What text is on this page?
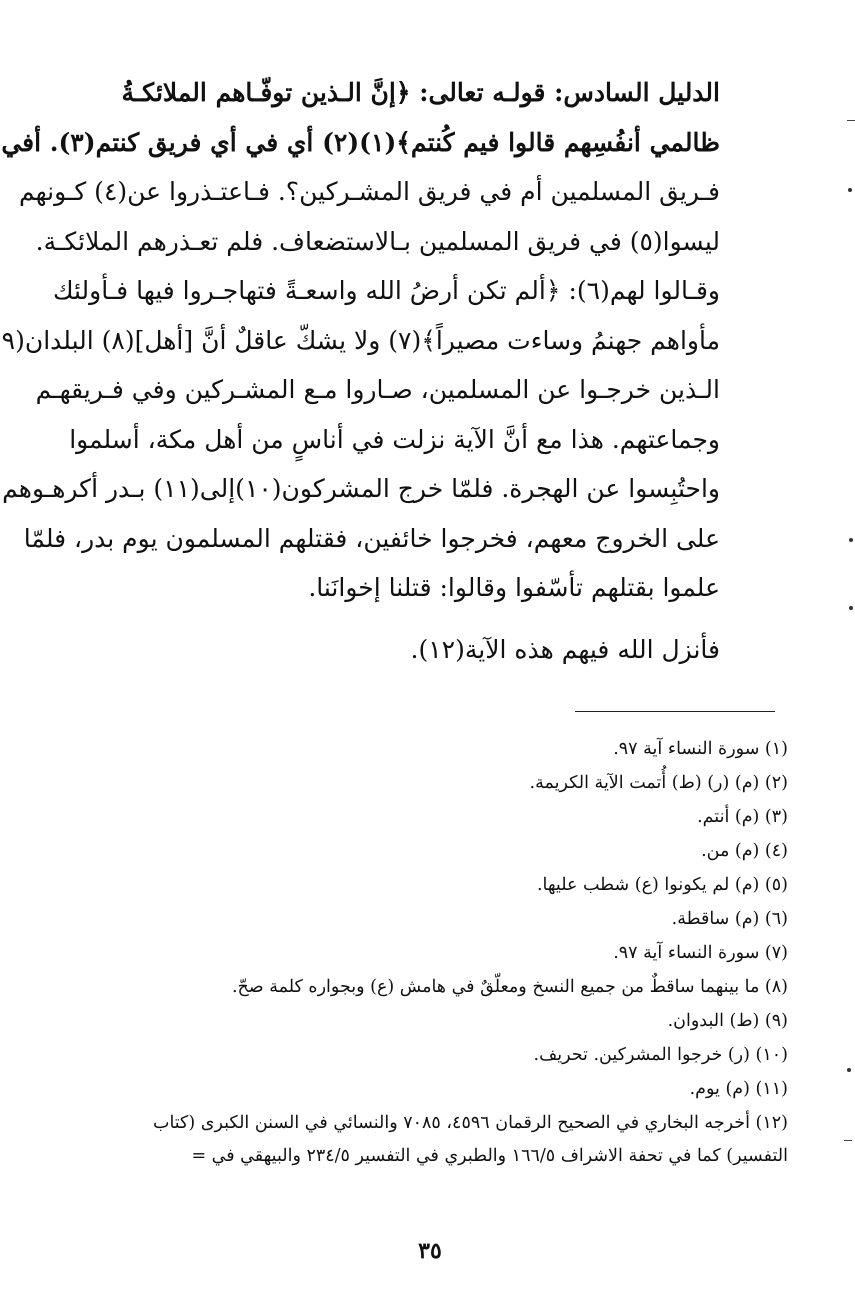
الدليل السادس: قولـه تعالى: ﴿إنَّ الـذين توفّـاهم الملائكـةُ
ظالمي أنفُسِهم قالوا فيم كُنتم﴾(١)(٢) أي في أي فريق كنتم(٣). أفي
فـريق المسلمين أم في فريق المشـركين؟. فـاعتـذروا عن(٤) كـونهم
ليسوا(٥) في فريق المسلمين بـالاستضعاف. فلم تعـذرهم الملائكـة.
وقـالوا لهم(٦): ﴿ألم تكن أرضُ الله واسعـةً فتهاجـروا فيها فـأولئك
مأواهم جهنمُ وساءت مصيراً﴾(٧) ولا يشكّ عاقلٌ أنَّ [أهل](٨) البلدان(٩
الـذين خرجـوا عن المسلمين، صـاروا مـع المشـركين وفي فـريقهـم
وجماعتهم. هذا مع أنَّ الآية نزلت في أناسٍ من أهل مكة، أسلموا
واحتُبِسوا عن الهجرة. فلمّا خرج المشركون(١٠)إلى(١١) بـدر أكرهـوهم
على الخروج معهم، فخرجوا خائفين، فقتلهم المسلمون يوم بدر، فلمّا
علموا بقتلهم تأسّفوا وقالوا: قتلنا إخوانَنا.
فأنزل الله فيهم هذه الآية(١٢).
(١) سورة النساء آية ٩٧.
(٢) (م) (ر) (ط) أُتمت الآية الكريمة.
(٣) (م) أنتم.
(٤) (م) من.
(٥) (م) لم يكونوا (ع) شطب عليها.
(٦) (م) ساقطة.
(٧) سورة النساء آية ٩٧.
(٨) ما بينهما ساقطٌ من جميع النسخ ومعلّقٌ في هامش (ع) وبجواره كلمة صحّ.
(٩) (ط) البدوان.
(١٠) (ر) خرجوا المشركين. تحريف.
(١١) (م) يوم.
(١٢) أخرجه البخاري في الصحيح الرقمان ٤٥٩٦، ٧٠٨٥ والنسائي في السنن الكبرى (كتاب
التفسير) كما في تحفة الاشراف ١٦٦/٥ والطبري في التفسير ٢٣٤/٥ والبيهقي في =
٣٥
